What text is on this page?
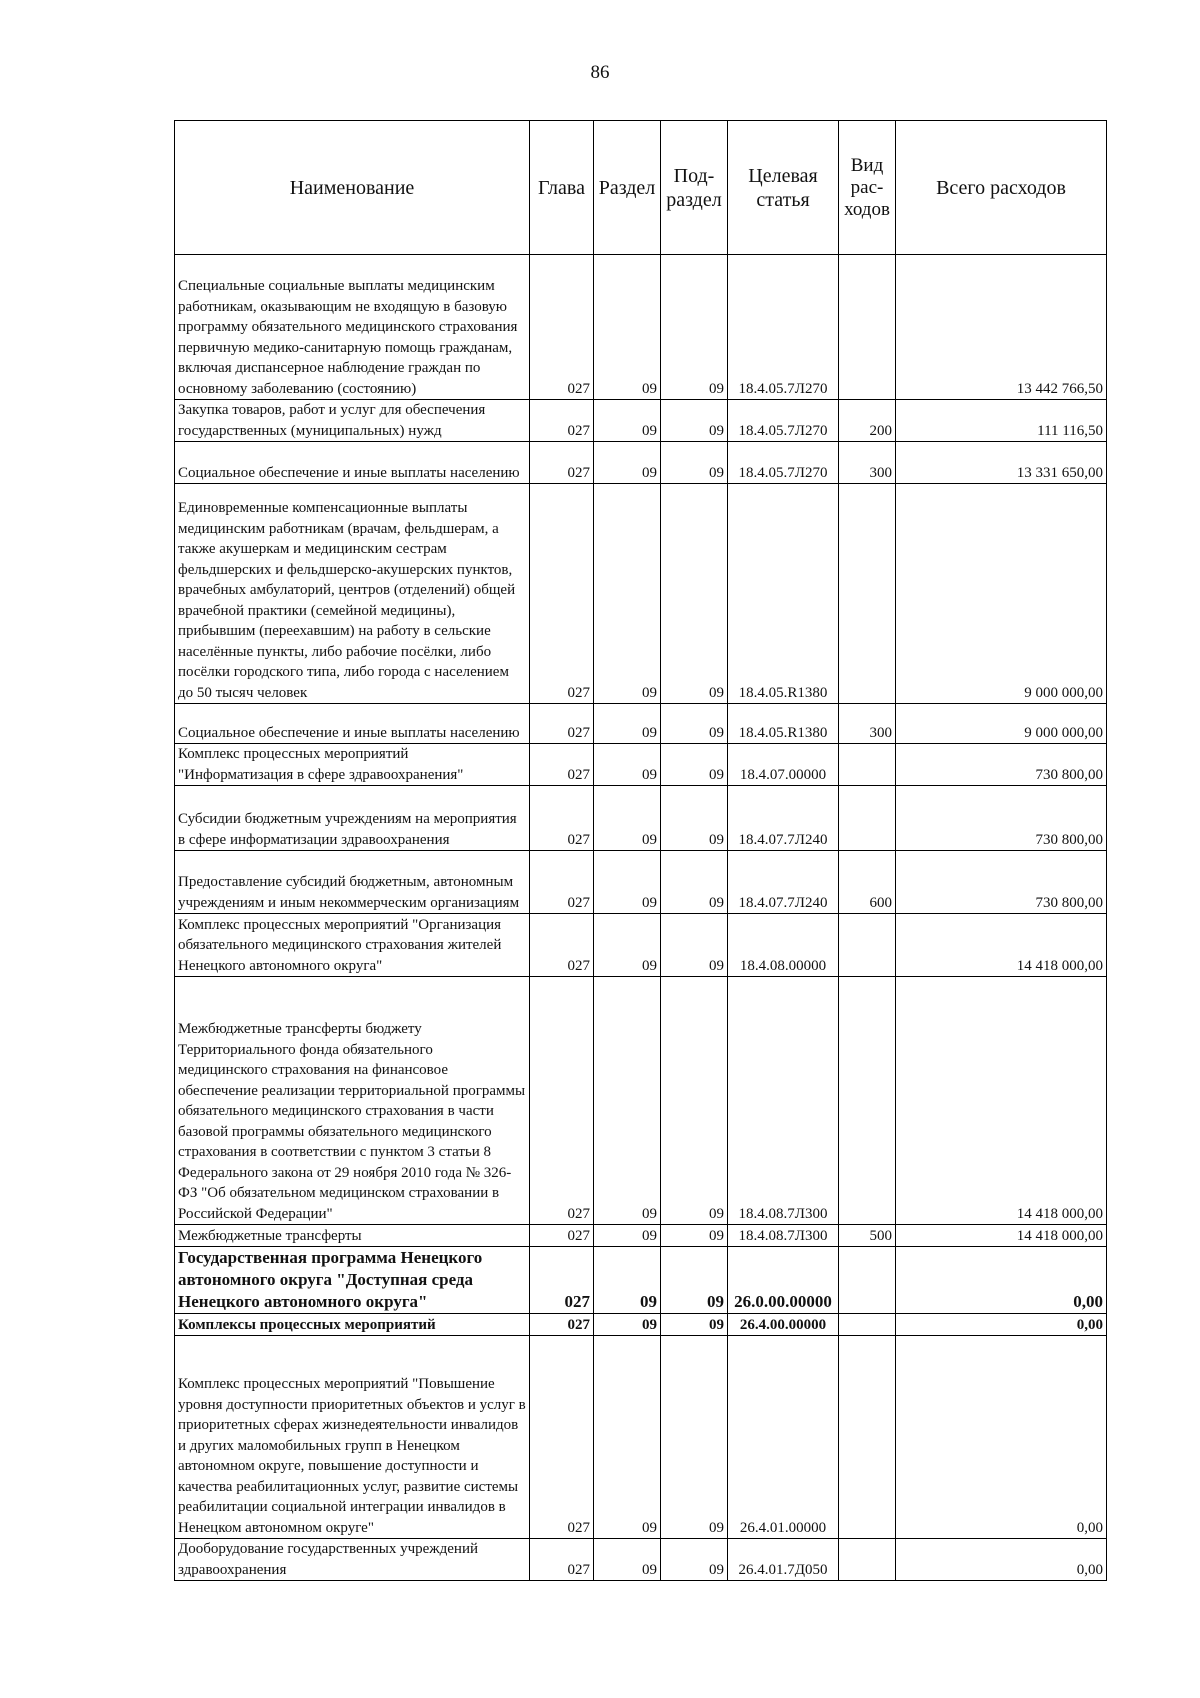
86
Наименование	Глава	Раздел	Под-раздел	Целевая статья	Вид рас-ходов	Всего расходов
Специальные социальные выплаты медицинским работникам, оказывающим не входящую в базовую программу обязательного медицинского страхования первичную медико-санитарную помощь гражданам, включая диспансерное наблюдение граждан по основному заболеванию (состоянию)	027	09	09	18.4.05.7Л270		13 442 766,50
Закупка товаров, работ и услуг для обеспечения государственных (муниципальных) нужд	027	09	09	18.4.05.7Л270	200	111 116,50
Социальное обеспечение и иные выплаты населению	027	09	09	18.4.05.7Л270	300	13 331 650,00
Единовременные компенсационные выплаты медицинским работникам (врачам, фельдшерам, а также акушеркам и медицинским сестрам фельдшерских и фельдшерско-акушерских пунктов, врачебных амбулаторий, центров (отделений) общей врачебной практики (семейной медицины), прибывшим (переехавшим) на работу в сельские населённые пункты, либо рабочие посёлки, либо посёлки городского типа, либо города с населением до 50 тысяч человек	027	09	09	18.4.05.R1380		9 000 000,00
Социальное обеспечение и иные выплаты населению	027	09	09	18.4.05.R1380	300	9 000 000,00
Комплекс процессных мероприятий "Информатизация в сфере здравоохранения"	027	09	09	18.4.07.00000		730 800,00
Субсидии бюджетным учреждениям на мероприятия в сфере информатизации здравоохранения	027	09	09	18.4.07.7Л240		730 800,00
Предоставление субсидий бюджетным, автономным учреждениям и иным некоммерческим организациям	027	09	09	18.4.07.7Л240	600	730 800,00
Комплекс процессных мероприятий "Организация обязательного медицинского страхования жителей Ненецкого автономного округа"	027	09	09	18.4.08.00000		14 418 000,00
Межбюджетные трансферты бюджету Территориального фонда обязательного медицинского страхования на финансовое обеспечение реализации территориальной программы обязательного медицинского страхования в части базовой программы обязательного медицинского страхования в соответствии с пунктом 3 статьи 8 Федерального закона от 29 ноября 2010 года № 326-ФЗ "Об обязательном медицинском страховании в Российской Федерации"	027	09	09	18.4.08.7Л300		14 418 000,00
Межбюджетные трансферты	027	09	09	18.4.08.7Л300	500	14 418 000,00
Государственная программа Ненецкого автономного округа "Доступная среда Ненецкого автономного округа"	027	09	09	26.0.00.00000		0,00
Комплексы процессных мероприятий	027	09	09	26.4.00.00000		0,00
Комплекс процессных мероприятий "Повышение уровня доступности приоритетных объектов и услуг в приоритетных сферах жизнедеятельности инвалидов и других маломобильных групп в Ненецком автономном округе, повышение доступности и качества реабилитационных услуг, развитие системы реабилитации социальной интеграции инвалидов в Ненецком автономном округе"	027	09	09	26.4.01.00000		0,00
Дооборудование государственных учреждений здравоохранения	027	09	09	26.4.01.7Д050		0,00
